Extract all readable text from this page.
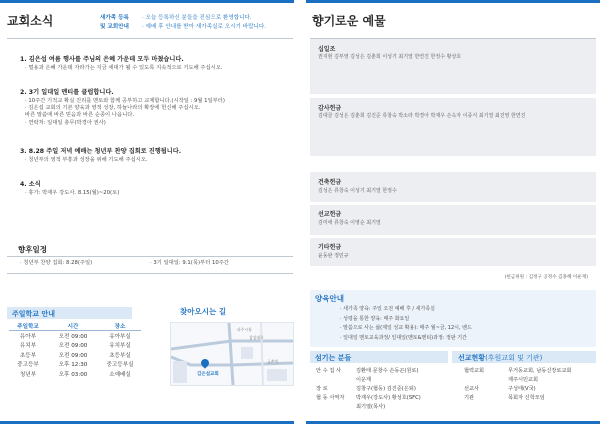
교회소식	새가족 등록
및 교회안내
· 오늘 등록하신 분들을 진심으로 환영합니다.
· 예배 후 안내를 받아 새가족실로 오시기 바랍니다.
1. 김은섭 여름 행사를 주님의 은혜 가운데 모두 마쳤습니다.
· 멀용과 은혜 가운데 자라가는 지금 세대가 될 수 있도록 지속적으로 기도해 주십시오.
2. 3기 일대일 멘티를 클럽합니다.
· 10주간 기적교 확실 진리를 멘토와 함께 공부하고 교제합니다.(시작일 : 9월 1일부터)
· 김은섭 교회의 기본 양육과 영적 성장, 하늘나라의 확장에 헌신해 주십시오.
바른 말씀에 바른 믿음과 바른 순종이 나옵니다.
· 연락처: 일대일 총무(박경아 권사)
3. 8.28 주일 저녁 예배는 청년부 찬양 집회로 진행됩니다.
· 청년부의 영적 부흥과 성장을 위해 기도해 주십시오.
4. 소식
· 휴가: 박재우 강도사. 8.15(월)~20(토)
향후일정
· 청년부 찬양 집회: 8.28(주일)	· 3기 일대일: 9.1(목)부터 10주간
주일학교 안내
주일학교	시간	장소
유아부	오전 09:00	유아부실
유치부	오전 09:00	유치부실
초등부	오전 09:00	초등부실
중고등부	오후 12:30	중고등부실
청년부	오후 03:00	소예배실
찾아오시는 길
김은섭교회
삼성대로
파주시청
금촌역
향기로운 예물
십일조
권지현 김부영 김성은 김춘희 이성기 최기열 한연진 한정수 황상호
감사헌금
김대골 김성은 김춘희 김진준 류창숙 박소라 박경아 박재우 손옥자 이종식 최기열 최진영 한연진
건축헌금
김성은 류창숙 이성기 최기열 한정수
선교헌금
김미애 류창숙 이영순 최기열
기타헌금
윤동완 정민규
(헌금위원 : 김정구 공정수 김종혜 이운재)
양육안내
· 새가족 양육: 주일 오전 예배 후 / 새가족실
· 성령을 통한 양육: 매주 화요일
· 말씀으로 사는 삶(제일 성교 확용): 매주 월~금, 12시, 밴드
· 일대일 멘토교육과정/ 일대일(멘토&멘티)과정: 정판 기간
섬기는 분들
안 수 집 사	김환태 문창수 손동곤(원로)
이운재
장 로	김창구(협동) 김진준(은퇴)
협 동 사역자	박재우(강도사) 황성호(SFC)
최기열(목사)
선교현황(후원교회 및 기관)
협력교회	무거동교회, 남동신장로교회
제주시민교회
선교사	구성태(V국)
기관	목회자 신학모임
